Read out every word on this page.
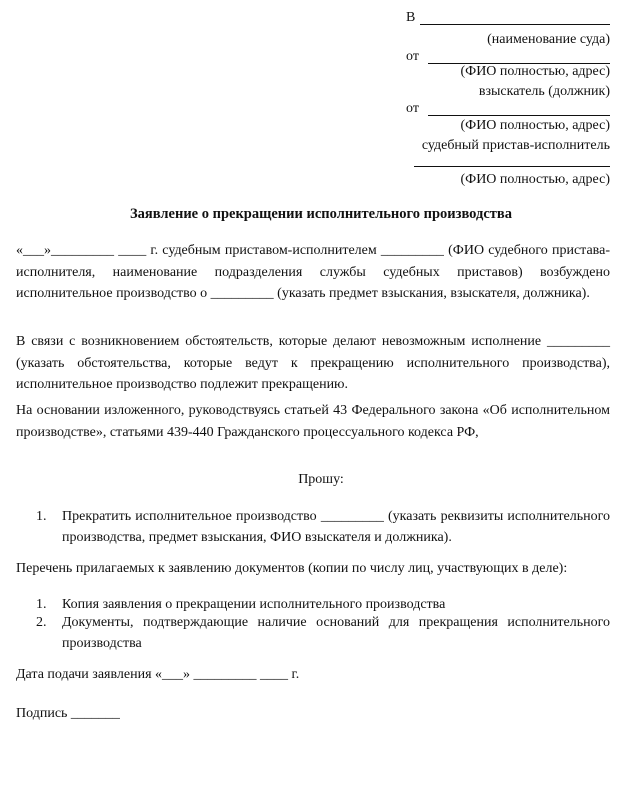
В
(наименование суда)
от
(ФИО полностью, адрес)
взыскатель (должник)
от
(ФИО полностью, адрес)
судебный пристав-исполнитель
(ФИО полностью, адрес)
Заявление о прекращении исполнительного производства
«___»_________ ____ г. судебным приставом-исполнителем _________ (ФИО судебного пристава-исполнителя, наименование подразделения службы судебных приставов) возбуждено исполнительное производство о _________ (указать предмет взыскания, взыскателя, должника).
В связи с возникновением обстоятельств, которые делают невозможным исполнение _________ (указать обстоятельства, которые ведут к прекращению исполнительного производства), исполнительное производство подлежит прекращению.
На основании изложенного, руководствуясь статьей 43 Федерального закона «Об исполнительном производстве», статьями 439-440 Гражданского процессуального кодекса РФ,
Прошу:
1. Прекратить исполнительное производство _________ (указать реквизиты исполнительного производства, предмет взыскания, ФИО взыскателя и должника).
Перечень прилагаемых к заявлению документов (копии по числу лиц, участвующих в деле):
1. Копия заявления о прекращении исполнительного производства
2. Документы, подтверждающие наличие оснований для прекращения исполнительного производства
Дата подачи заявления «___» _________ ____ г.
Подпись _______
